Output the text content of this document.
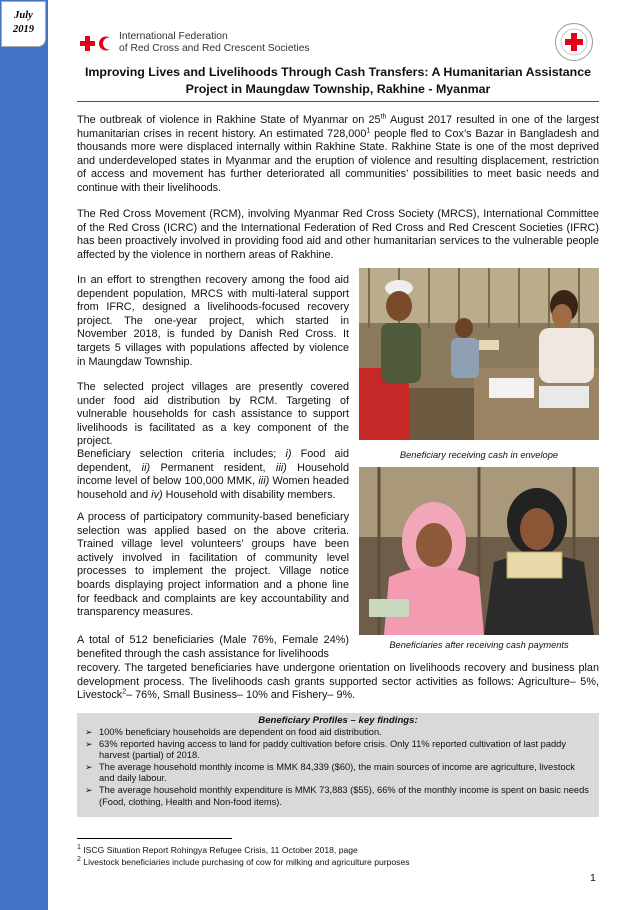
July
2019
International Federation
of Red Cross and Red Crescent Societies
Improving Lives and Livelihoods Through Cash Transfers: A Humanitarian Assistance Project in Maungdaw Township, Rakhine - Myanmar
The outbreak of violence in Rakhine State of Myanmar on 25th August 2017 resulted in one of the largest humanitarian crises in recent history. An estimated 728,000$^1$ people fled to Cox’s Bazar in Bangladesh and thousands more were displaced internally within Rakhine State. Rakhine State is one of the most deprived and underdeveloped states in Myanmar and the eruption of violence and resulting displacement, restriction of access and movement has further deteriorated all communities’ possibilities to meet basic needs and continue with their livelihoods.
The Red Cross Movement (RCM), involving Myanmar Red Cross Society (MRCS), International Committee of the Red Cross (ICRC) and the International Federation of Red Cross and Red Crescent Societies (IFRC) has been proactively involved in providing food aid and other humanitarian services to the vulnerable people affected by the violence in northern areas of Rakhine.
In an effort to strengthen recovery among the food aid dependent population, MRCS with multi-lateral support from IFRC, designed a livelihoods-focused recovery project. The one-year project, which started in November 2018, is funded by Danish Red Cross. It targets 5 villages with populations affected by violence in Maungdaw Township.
The selected project villages are presently covered under food aid distribution by RCM. Targeting of vulnerable households for cash assistance to support livelihoods is facilitated as a key component of the project.
Beneficiary selection criteria includes; i) Food aid dependent, ii) Permanent resident, iii) Household income level of below 100,000 MMK, iii) Women headed household and iv) Household with disability members.
A process of participatory community-based beneficiary selection was applied based on the above criteria. Trained village level volunteers’ groups have been actively involved in facilitation of community level processes to implement the project. Village notice boards displaying project information and a phone line for feedback and complaints are key accountability and transparency measures.
A total of 512 beneficiaries (Male 76%, Female 24%) benefited through the cash assistance for livelihoods
recovery. The targeted beneficiaries have undergone orientation on livelihoods recovery and business plan development process. The livelihoods cash grants supported sector activities as follows: Agriculture– 5%, Livestock$^2$– 76%, Small Business– 10% and Fishery– 9%.
Beneficiary receiving cash in envelope
Beneficiaries after receiving cash payments
Beneficiary Profiles – key findings:
➢ 100% beneficiary households are dependent on food aid distribution.
➢ 63% reported having access to land for paddy cultivation before crisis. Only 11% reported cultivation of last paddy harvest (partial) of 2018.
➢ The average household monthly income is MMK 84,339 ($60), the main sources of income are agriculture, livestock and daily labour.
➢ The average household monthly expenditure is MMK 73,883 ($55), 66% of the monthly income is spent on basic needs (Food, clothing, Health and Non-food items).
$^1$ ISCG Situation Report Rohingya Refugee Crisis, 11 October 2018, page
$^2$ Livestock beneficiaries include purchasing of cow for milking and agriculture purposes
1
